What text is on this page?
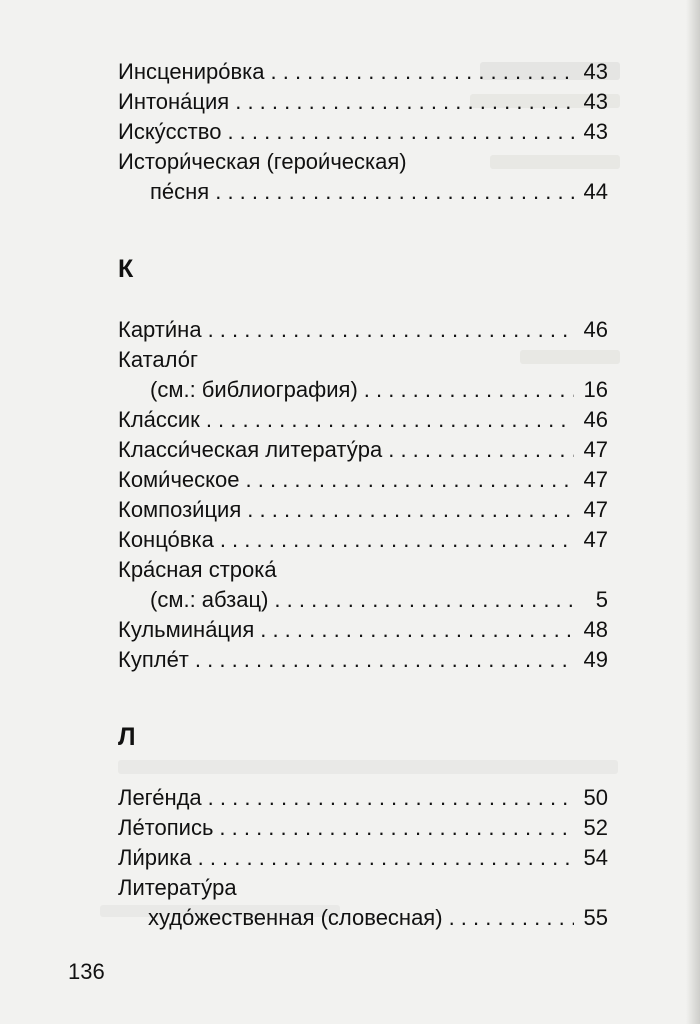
Инсцениро́вка . . .	43
Интона́ция . . .	43
Иску́сство . . .	43
Истори́ческая (герои́ческая)
пе́сня . . .	44
К
Карти́на . . .	46
Катало́г
(см.: библиография) . . .	16
Кла́ссик . . .	46
Класси́ческая литерату́ра . . .	47
Коми́ческое . . .	47
Компози́ция . . .	47
Концо́вка . . .	47
Кра́сная строка́
(см.: абзац) . . .	5
Кульмина́ция . . .	48
Купле́т . . .	49
Л
Леге́нда . . .	50
Ле́топись . . .	52
Ли́рика . . .	54
Литерату́ра
худо́жественная (словесная) . . .	55
136
